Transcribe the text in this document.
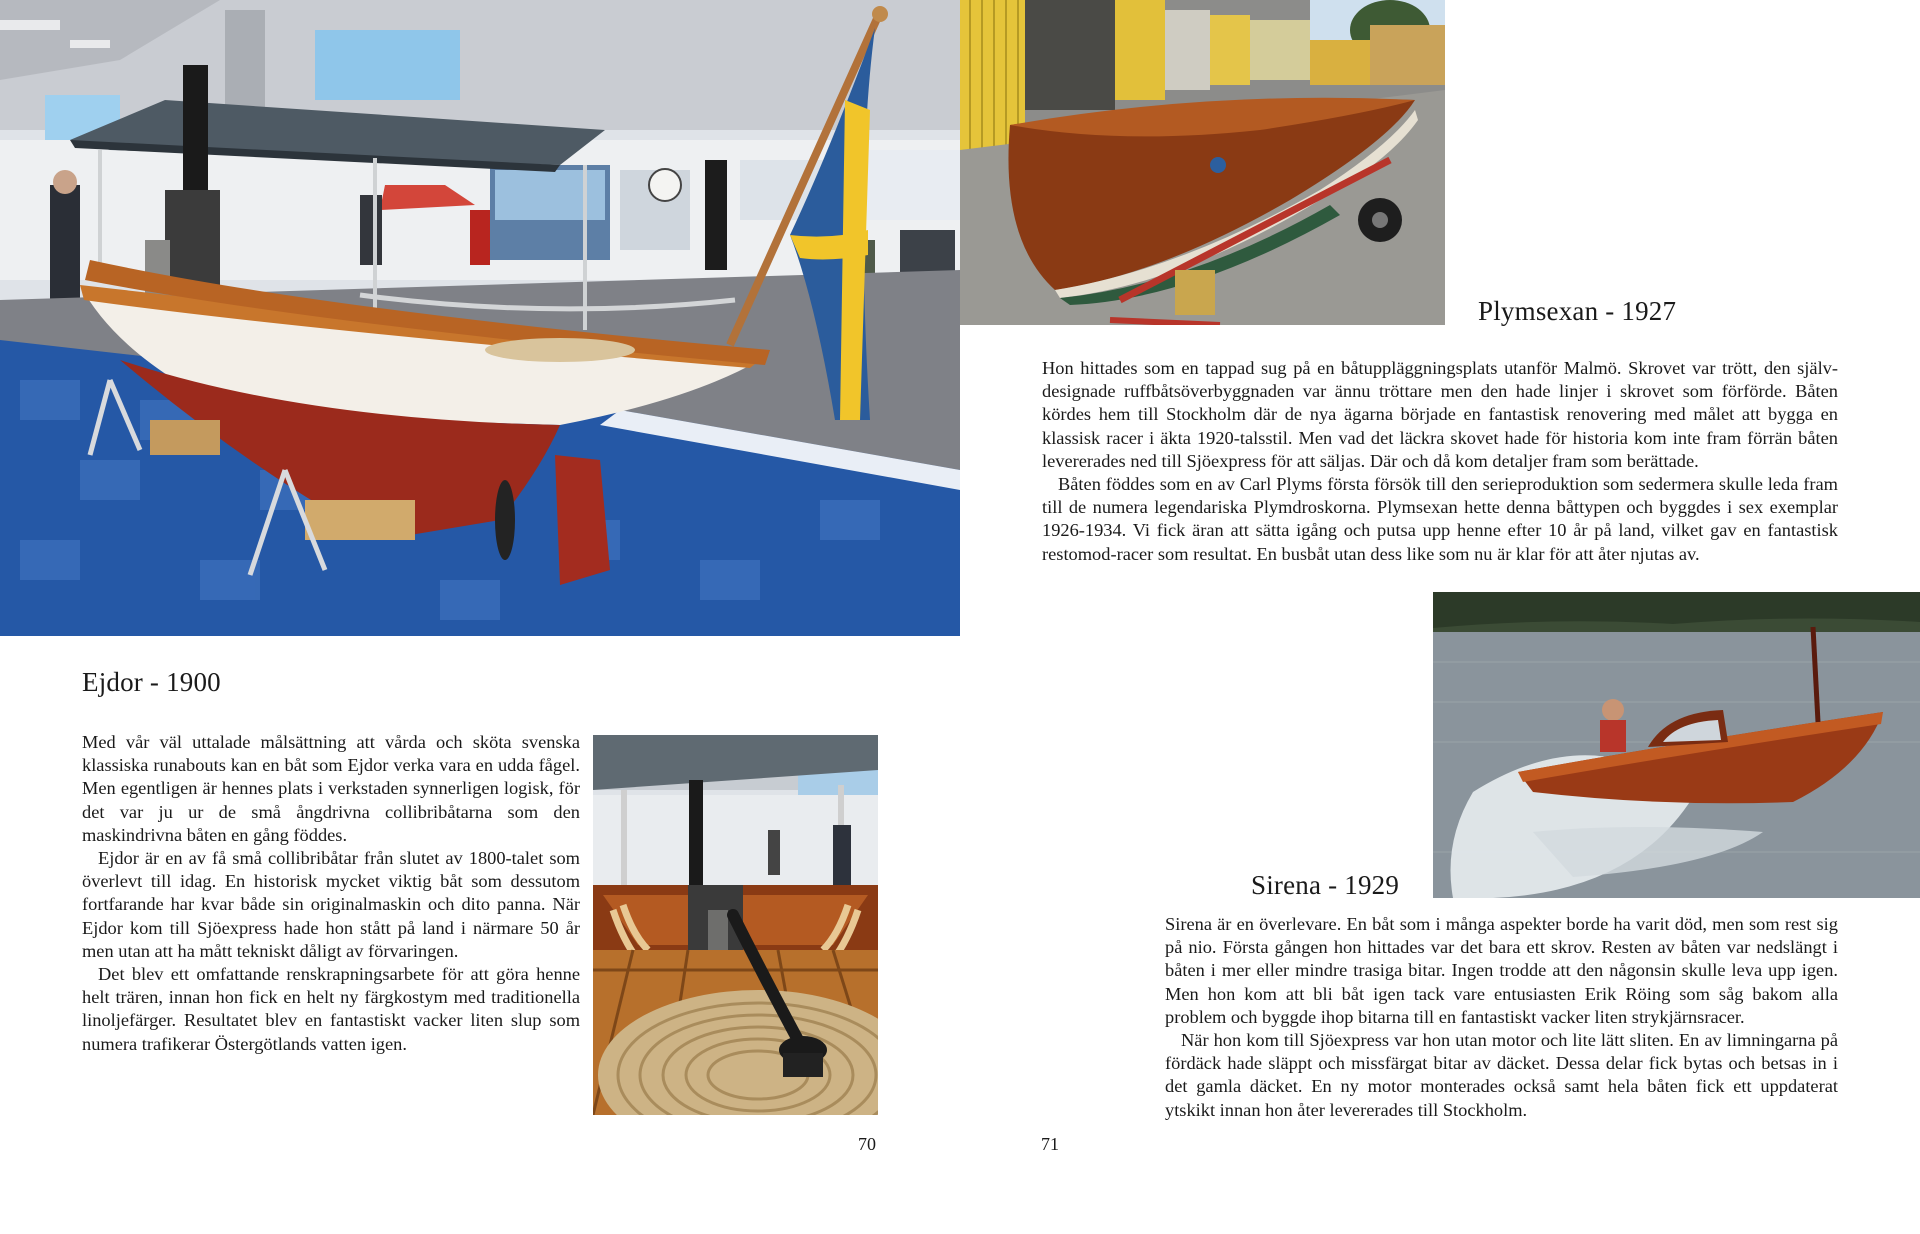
Ejdor - 1900

Med vår väl uttalade målsättning att vårda och sköta svenska klassiska runabouts kan en båt som Ejdor verka vara en udda fågel. Men egentligen är hennes plats i verkstaden synnerligen logisk, för det var ju ur de små ångdrivna collibribåtarna som den maskindrivna båten en gång föddes.

Ejdor är en av få små collibribåtar från slutet av 1800-talet som överlevt till idag. En historisk mycket viktig båt som dessutom fortfarande har kvar både sin originalmaskin och dito panna. När Ejdor kom till Sjöexpress hade hon stått på land i närmare 50 år men utan att ha mått tekniskt dåligt av förvaringen.

Det blev ett omfattande renskrapningsarbete för att göra henne helt trären, innan hon fick en helt ny färgkostym med traditionella linoljefärger. Resultatet blev en fantastiskt vacker liten slup som numera trafikerar Östergötlands vatten igen.

70
Plymsexan - 1927

Hon hittades som en tappad sug på en båtuppläggningsplats utanför Malmö. Skrovet var trött, den självdesignade ruffbåtsöverbyggnaden var ännu tröttare men den hade linjer i skrovet som förförde. Båten kördes hem till Stockholm där de nya ägarna började en fantastisk renovering med målet att bygga en klassisk racer i äkta 1920-talsstil. Men vad det läckra skovet hade för historia kom inte fram förrän båten levererades ned till Sjöexpress för att säljas. Där och då kom detaljer fram som berättade.

Båten föddes som en av Carl Plyms första försök till den serieproduktion som sedermera skulle leda fram till de numera legendariska Plymdroskorna. Plymsexan hette denna båttypen och byggdes i sex exemplar 1926-1934. Vi fick äran att sätta igång och putsa upp henne efter 10 år på land, vilket gav en fantastisk restomod-racer som resultat. En busbåt utan dess like som nu är klar för att åter njutas av.

Sirena - 1929

Sirena är en överlevare. En båt som i många aspekter borde ha varit död, men som rest sig på nio. Första gången hon hittades var det bara ett skrov. Resten av båten var nedslängt i båten i mer eller mindre trasiga bitar. Ingen trodde att den någonsin skulle leva upp igen. Men hon kom att bli båt igen tack vare entusiasten Erik Röing som såg bakom alla problem och byggde ihop bitarna till en fantastiskt vacker liten strykjärnsracer.

När hon kom till Sjöexpress var hon utan motor och lite lätt sliten. En av limningarna på fördäck hade släppt och missfärgat bitar av däcket. Dessa delar fick bytas och betsas in i det gamla däcket. En ny motor monterades också samt hela båten fick ett uppdaterat ytskikt innan hon åter levererades till Stockholm.

71
